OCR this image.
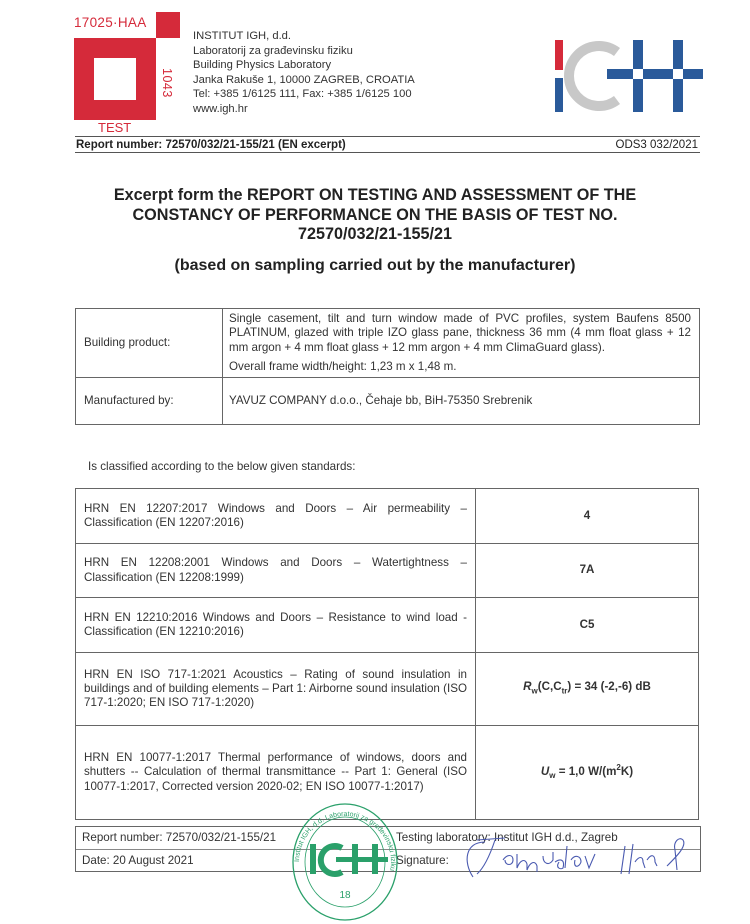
17025·HAA
1043
TEST
INSTITUT IGH, d.d.
Laboratorij za građevinsku fiziku
Building Physics Laboratory
Janka Rakuše 1, 10000 ZAGREB, CROATIA
Tel: +385 1/6125 111, Fax: +385 1/6125 100
www.igh.hr
Report number: 72570/032/21-155/21 (EN excerpt)	ODS3 032/2021
Excerpt form the REPORT ON TESTING AND ASSESSMENT OF THE
CONSTANCY OF PERFORMANCE ON THE BASIS OF TEST NO.
72570/032/21-155/21
(based on sampling carried out by the manufacturer)
Building product:	Single casement, tilt and turn window made of PVC profiles, system Baufens 8500 PLATINUM, glazed with triple IZO glass pane, thickness 36 mm (4 mm float glass + 12 mm argon + 4 mm float glass + 12 mm argon + 4 mm ClimaGuard glass).
Overall frame width/height: 1,23 m x 1,48 m.

Manufactured by:	YAVUZ COMPANY d.o.o., Čehaje bb, BiH-75350 Srebrenik
Is classified according to the below given standards:
HRN EN 12207:2017 Windows and Doors – Air permeability – Classification (EN 12207:2016)	4
HRN EN 12208:2001 Windows and Doors – Watertightness – Classification (EN 12208:1999)	7A
HRN EN 12210:2016 Windows and Doors – Resistance to wind load - Classification (EN 12210:2016)	C5
HRN EN ISO 717-1:2021 Acoustics – Rating of sound insulation in buildings and of building elements – Part 1: Airborne sound insulation (ISO 717-1:2020; EN ISO 717-1:2020)	$R_w(C,C_{tr}) = 34$ (-2,-6) dB
HRN EN 10077-1:2017 Thermal performance of windows, doors and shutters -- Calculation of thermal transmittance -- Part 1: General (ISO 10077-1:2017, Corrected version 2020-02; EN ISO 10077-1:2017)	$U_w = 1,0$ $W/(m^2K)$
Report number: 72570/032/21-155/21
Date: 20 August 2021
Testing laboratory: Institut IGH d.d., Zagreb
Signature:
Institut IGH, d.d. Laboratorij za građevinsku fiziku
18
